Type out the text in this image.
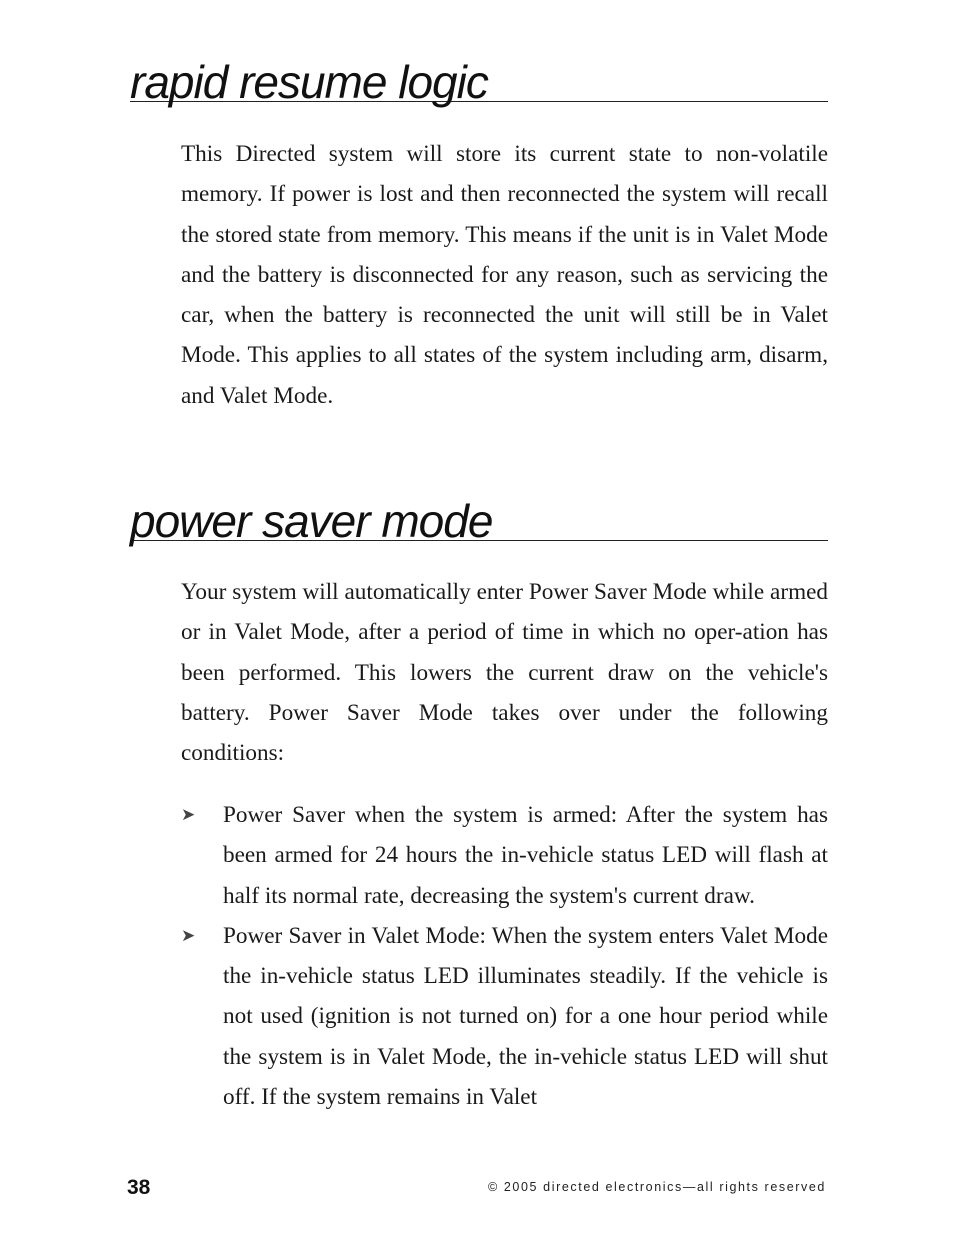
rapid resume logic

This Directed system will store its current state to non-volatile memory. If power is lost and then reconnected the system will recall the stored state from memory. This means if the unit is in Valet Mode and the battery is disconnected for any reason, such as servicing the car, when the battery is reconnected the unit will still be in Valet Mode. This applies to all states of the system including arm, disarm, and Valet Mode.

power saver mode

Your system will automatically enter Power Saver Mode while armed or in Valet Mode, after a period of time in which no oper-ation has been performed. This lowers the current draw on the vehicle's battery. Power Saver Mode takes over under the following conditions:

➤ Power Saver when the system is armed: After the system has been armed for 24 hours the in-vehicle status LED will flash at half its normal rate, decreasing the system's current draw.
➤ Power Saver in Valet Mode: When the system enters Valet Mode the in-vehicle status LED illuminates steadily. If the vehicle is not used (ignition is not turned on) for a one hour period while the system is in Valet Mode, the in-vehicle status LED will shut off. If the system remains in Valet
38	© 2005 directed electronics—all rights reserved
